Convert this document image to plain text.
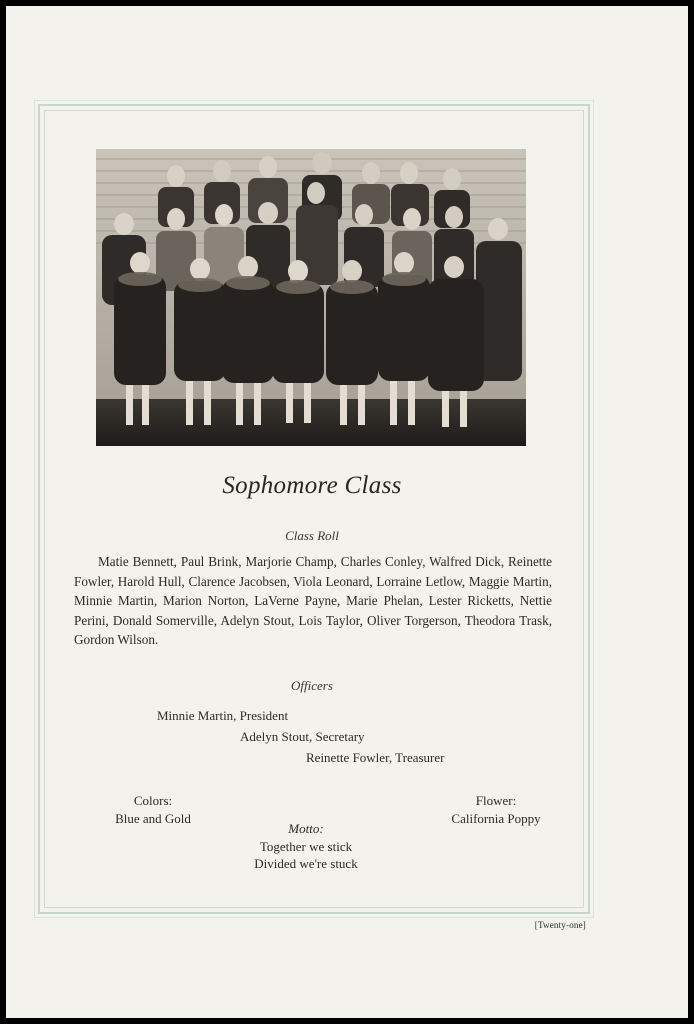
Sophomore Class
Class Roll

Matie Bennett, Paul Brink, Marjorie Champ, Charles Conley, Walfred Dick, Reinette Fowler, Harold Hull, Clarence Jacobsen, Viola Leonard, Lorraine Letlow, Maggie Martin, Minnie Martin, Marion Norton, LaVerne Payne, Marie Phelan, Lester Ricketts, Nettie Perini, Donald Somerville, Adelyn Stout, Lois Taylor, Oliver Torgerson, Theodora Trask, Gordon Wilson.

Officers
Minnie Martin, President
Adelyn Stout, Secretary
Reinette Fowler, Treasurer
Colors:
Blue and Gold
Flower:
California Poppy
Motto:
Together we stick
Divided we're stuck
[Twenty-one]
